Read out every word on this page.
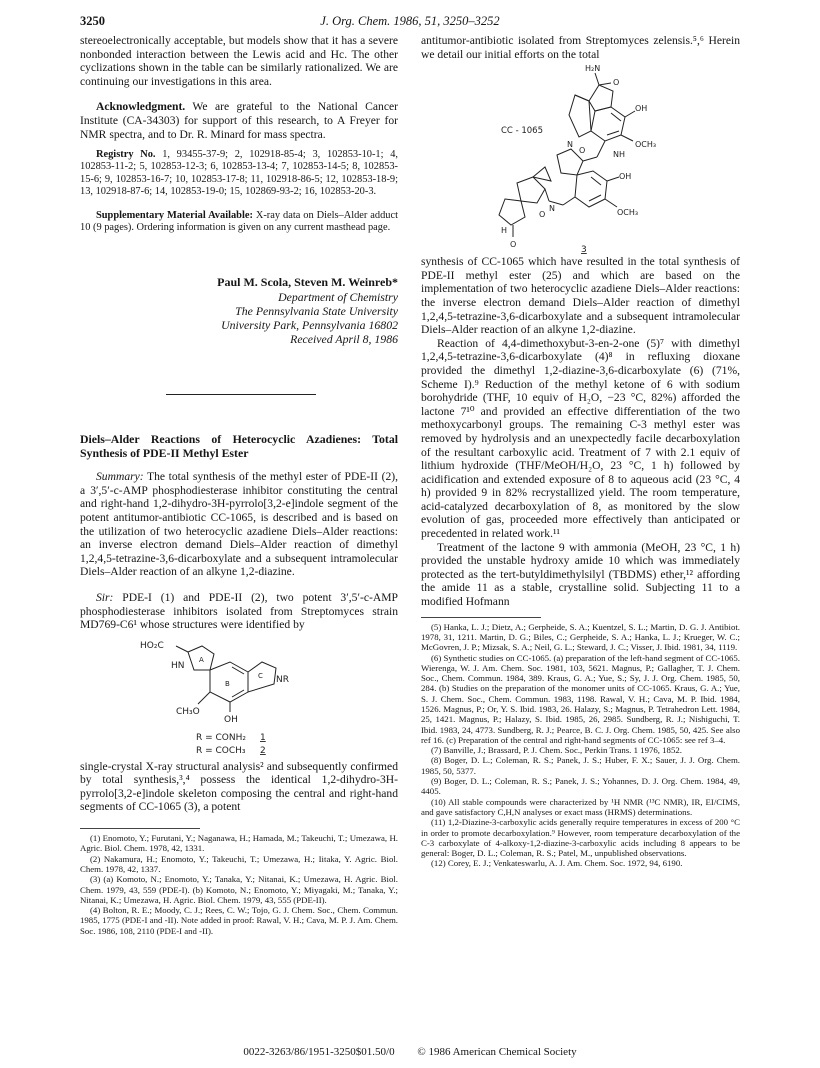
3250	J. Org. Chem. 1986, 51, 3250–3252

stereoelectronically acceptable, but models show that it has a severe nonbonded interaction between the Lewis acid and Hc. The other cyclizations shown in the table can be similarly rationalized. We are continuing our investigations in this area.

Acknowledgment. We are grateful to the National Cancer Institute (CA-34303) for support of this research, to A Freyer for NMR spectra, and to Dr. R. Minard for mass spectra.

Registry No. 1, 93455-37-9; 2, 102918-85-4; 3, 102853-10-1; 4, 102853-11-2; 5, 102853-12-3; 6, 102853-13-4; 7, 102853-14-5; 8, 102853-15-6; 9, 102853-16-7; 10, 102853-17-8; 11, 102918-86-5; 12, 102853-18-9; 13, 102918-87-6; 14, 102853-19-0; 15, 102869-93-2; 16, 102853-20-3.

Supplementary Material Available: X-ray data on Diels–Alder adduct 10 (9 pages). Ordering information is given on any current masthead page.

Paul M. Scola, Steven M. Weinreb*

Department of Chemistry

The Pennsylvania State University

University Park, Pennsylvania 16802

Received April 8, 1986

Diels–Alder Reactions of Heterocyclic Azadienes: Total Synthesis of PDE-II Methyl Ester

Summary: The total synthesis of the methyl ester of PDE-II (2), a 3′,5′-c-AMP phosphodiesterase inhibitor constituting the central and right-hand 1,2-dihydro-3H-pyrrolo[3,2-e]indole segment of the potent antitumor-antibiotic CC-1065, is described and is based on the utilization of two heterocyclic azadiene Diels–Alder reactions: an inverse electron demand Diels–Alder reaction of dimethyl 1,2,4,5-tetrazine-3,6-dicarboxylate and a subsequent intramolecular Diels–Alder reaction of an alkyne 1,2-diazine.

Sir: PDE-I (1) and PDE-II (2), two potent 3′,5′-c-AMP phosphodiesterase inhibitors isolated from Streptomyces strain MD769-C6¹ whose structures were identified by

HO₂C
HN
A
B
C NR
CH₃O
OH
R = CONH₂ 1
R = COCH₃ 2

single-crystal X-ray structural analysis² and subsequently confirmed by total synthesis,³,⁴ possess the identical 1,2-dihydro-3H-pyrrolo[3,2-e]indole skeleton composing the central and right-hand segments of CC-1065 (3), a potent

(1) Enomoto, Y.; Furutani, Y.; Naganawa, H.; Hamada, M.; Takeuchi, T.; Umezawa, H. Agric. Biol. Chem. 1978, 42, 1331.

(2) Nakamura, H.; Enomoto, Y.; Takeuchi, T.; Umezawa, H.; Iitaka, Y. Agric. Biol. Chem. 1978, 42, 1337.

(3) (a) Komoto, N.; Enomoto, Y.; Tanaka, Y.; Nitanai, K.; Umezawa, H. Agric. Biol. Chem. 1979, 43, 559 (PDE-I). (b) Komoto, N.; Enomoto, Y.; Miyagaki, M.; Tanaka, Y.; Nitanai, K.; Umezawa, H. Agric. Biol. Chem. 1979, 43, 555 (PDE-II).

(4) Bolton, R. E.; Moody, C. J.; Rees, C. W.; Tojo, G. J. Chem. Soc., Chem. Commun. 1985, 1775 (PDE-I and -II). Note added in proof: Rawal, V. H.; Cava, M. P. J. Am. Chem. Soc. 1986, 108, 2110 (PDE-I and -II).

antitumor-antibiotic isolated from Streptomyces zelensis.⁵,⁶ Herein we detail our initial efforts on the total

CC - 1065
H₂N
O
OH
OCH₃
NH
N
O
OH
OCH₃
N
O
H
O
3

synthesis of CC-1065 which have resulted in the total synthesis of PDE-II methyl ester (25) and which are based on the implementation of two heterocyclic azadiene Diels–Alder reactions: the inverse electron demand Diels–Alder reaction of dimethyl 1,2,4,5-tetrazine-3,6-dicarboxylate and a subsequent intramolecular Diels–Alder reaction of an alkyne 1,2-diazine.

Reaction of 4,4-dimethoxybut-3-en-2-one (5)⁷ with dimethyl 1,2,4,5-tetrazine-3,6-dicarboxylate (4)⁸ in refluxing dioxane provided the dimethyl 1,2-diazine-3,6-dicarboxylate (6) (71%, Scheme I).⁹ Reduction of the methyl ketone of 6 with sodium borohydride (THF, 10 equiv of H₂O, −23 °C, 82%) afforded the lactone 7¹⁰ and provided an effective differentiation of the two methoxycarbonyl groups. The remaining C-3 methyl ester was removed by hydrolysis and an unexpectedly facile decarboxylation of the resultant carboxylic acid. Treatment of 7 with 2.1 equiv of lithium hydroxide (THF/MeOH/H₂O, 23 °C, 1 h) followed by acidification and extended exposure of 8 to aqueous acid (23 °C, 4 h) provided 9 in 82% recrystallized yield. The room temperature, acid-catalyzed decarboxylation of 8, as monitored by the slow evolution of gas, proceeded more effectively than anticipated or precedented in related work.¹¹

Treatment of the lactone 9 with ammonia (MeOH, 23 °C, 1 h) provided the unstable hydroxy amide 10 which was immediately protected as the tert-butyldimethylsilyl (TBDMS) ether,¹² affording the amide 11 as a stable, crystalline solid. Subjecting 11 to a modified Hofmann

(5) Hanka, L. J.; Dietz, A.; Gerpheide, S. A.; Kuentzel, S. L.; Martin, D. G. J. Antibiot. 1978, 31, 1211. Martin, D. G.; Biles, C.; Gerpheide, S. A.; Hanka, L. J.; Krueger, W. C.; McGovren, J. P.; Mizsak, S. A.; Neil, G. L.; Steward, J. C.; Visser, J. Ibid. 1981, 34, 1119.

(6) Synthetic studies on CC-1065. (a) preparation of the left-hand segment of CC-1065. Wierenga, W. J. Am. Chem. Soc. 1981, 103, 5621. Magnus, P.; Gallagher, T. J. Chem. Soc., Chem. Commun. 1984, 389. Kraus, G. A.; Yue, S.; Sy, J. J. Org. Chem. 1985, 50, 284. (b) Studies on the preparation of the monomer units of CC-1065. Kraus, G. A.; Yue, S. J. Chem. Soc., Chem. Commun. 1983, 1198. Rawal, V. H.; Cava, M. P. Ibid. 1984, 1526. Magnus, P.; Or, Y. S. Ibid. 1983, 26. Halazy, S.; Magnus, P. Tetrahedron Lett. 1984, 25, 1421. Magnus, P.; Halazy, S. Ibid. 1985, 26, 2985. Sundberg, R. J.; Nishiguchi, T. Ibid. 1983, 24, 4773. Sundberg, R. J.; Pearce, B. C. J. Org. Chem. 1985, 50, 425. See also ref 16. (c) Preparation of the central and right-hand segments of CC-1065: see ref 3–4.

(7) Banville, J.; Brassard, P. J. Chem. Soc., Perkin Trans. 1 1976, 1852.

(8) Boger, D. L.; Coleman, R. S.; Panek, J. S.; Huber, F. X.; Sauer, J. J. Org. Chem. 1985, 50, 5377.

(9) Boger, D. L.; Coleman, R. S.; Panek, J. S.; Yohannes, D. J. Org. Chem. 1984, 49, 4405.

(10) All stable compounds were characterized by ¹H NMR (¹³C NMR), IR, EI/CIMS, and gave satisfactory C,H,N analyses or exact mass (HRMS) determinations.

(11) 1,2-Diazine-3-carboxylic acids generally require temperatures in excess of 200 °C in order to promote decarboxylation.⁹ However, room temperature decarboxylation of the C-3 carboxylate of 4-alkoxy-1,2-diazine-3-carboxylic acids including 8 appears to be general: Boger, D. L.; Coleman, R. S.; Patel, M., unpublished observations.

(12) Corey, E. J.; Venkateswarlu, A. J. Am. Chem. Soc. 1972, 94, 6190.

0022-3263/86/1951-3250$01.50/0 © 1986 American Chemical Society
